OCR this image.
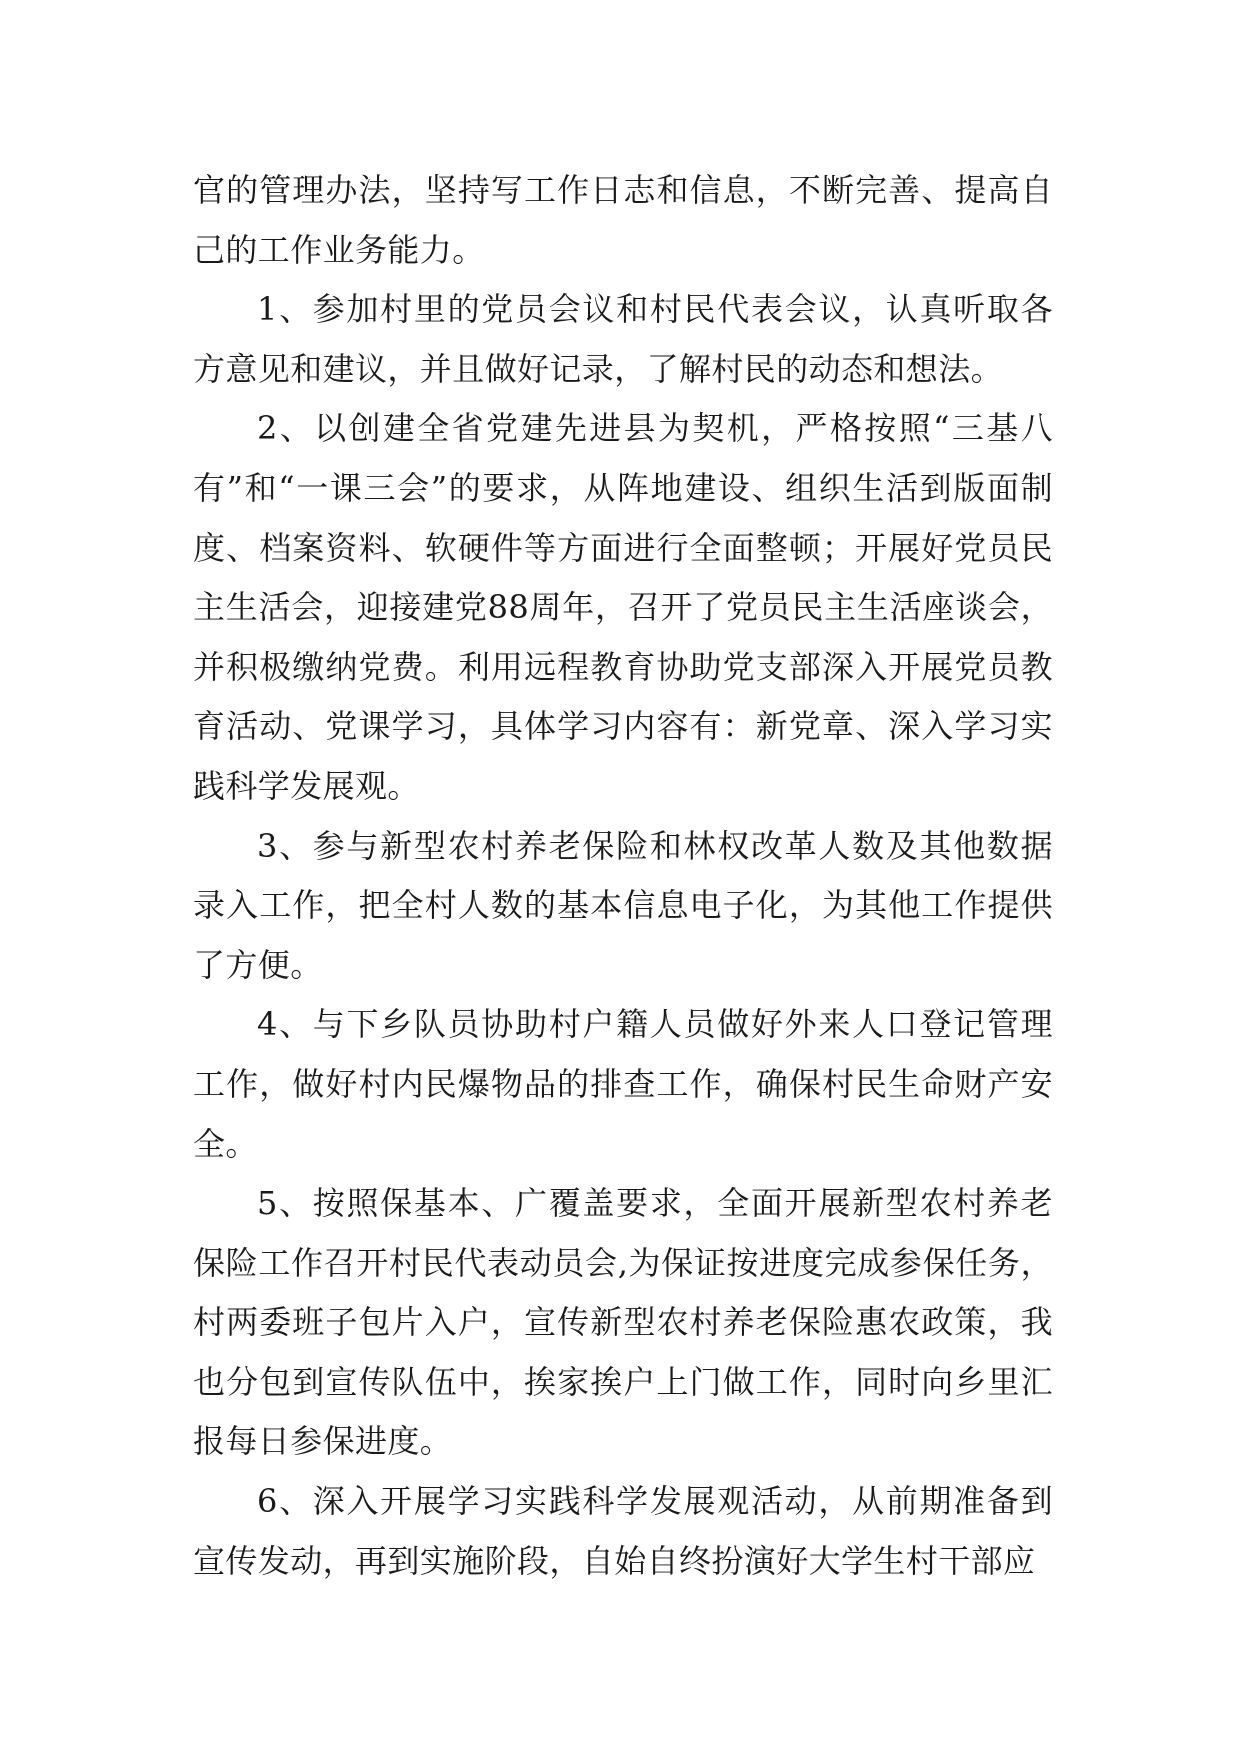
官的管理办法，坚持写工作日志和信息，不断完善、提高自己的工作业务能力。

1、参加村里的党员会议和村民代表会议，认真听取各方意见和建议，并且做好记录，了解村民的动态和想法。

2、以创建全省党建先进县为契机，严格按照“三基八有”和“一课三会”的要求，从阵地建设、组织生活到版面制度、档案资料、软硬件等方面进行全面整顿；开展好党员民主生活会，迎接建党88周年，召开了党员民主生活座谈会，并积极缴纳党费。利用远程教育协助党支部深入开展党员教育活动、党课学习，具体学习内容有：新党章、深入学习实践科学发展观。

3、参与新型农村养老保险和林权改革人数及其他数据录入工作，把全村人数的基本信息电子化，为其他工作提供了方便。

4、与下乡队员协助村户籍人员做好外来人口登记管理工作，做好村内民爆物品的排查工作，确保村民生命财产安全。

5、按照保基本、广覆盖要求，全面开展新型农村养老保险工作召开村民代表动员会,为保证按进度完成参保任务，村两委班子包片入户，宣传新型农村养老保险惠农政策，我也分包到宣传队伍中，挨家挨户上门做工作，同时向乡里汇报每日参保进度。

6、深入开展学习实践科学发展观活动，从前期准备到宣传发动，再到实施阶段，自始自终扮演好大学生村干部应
